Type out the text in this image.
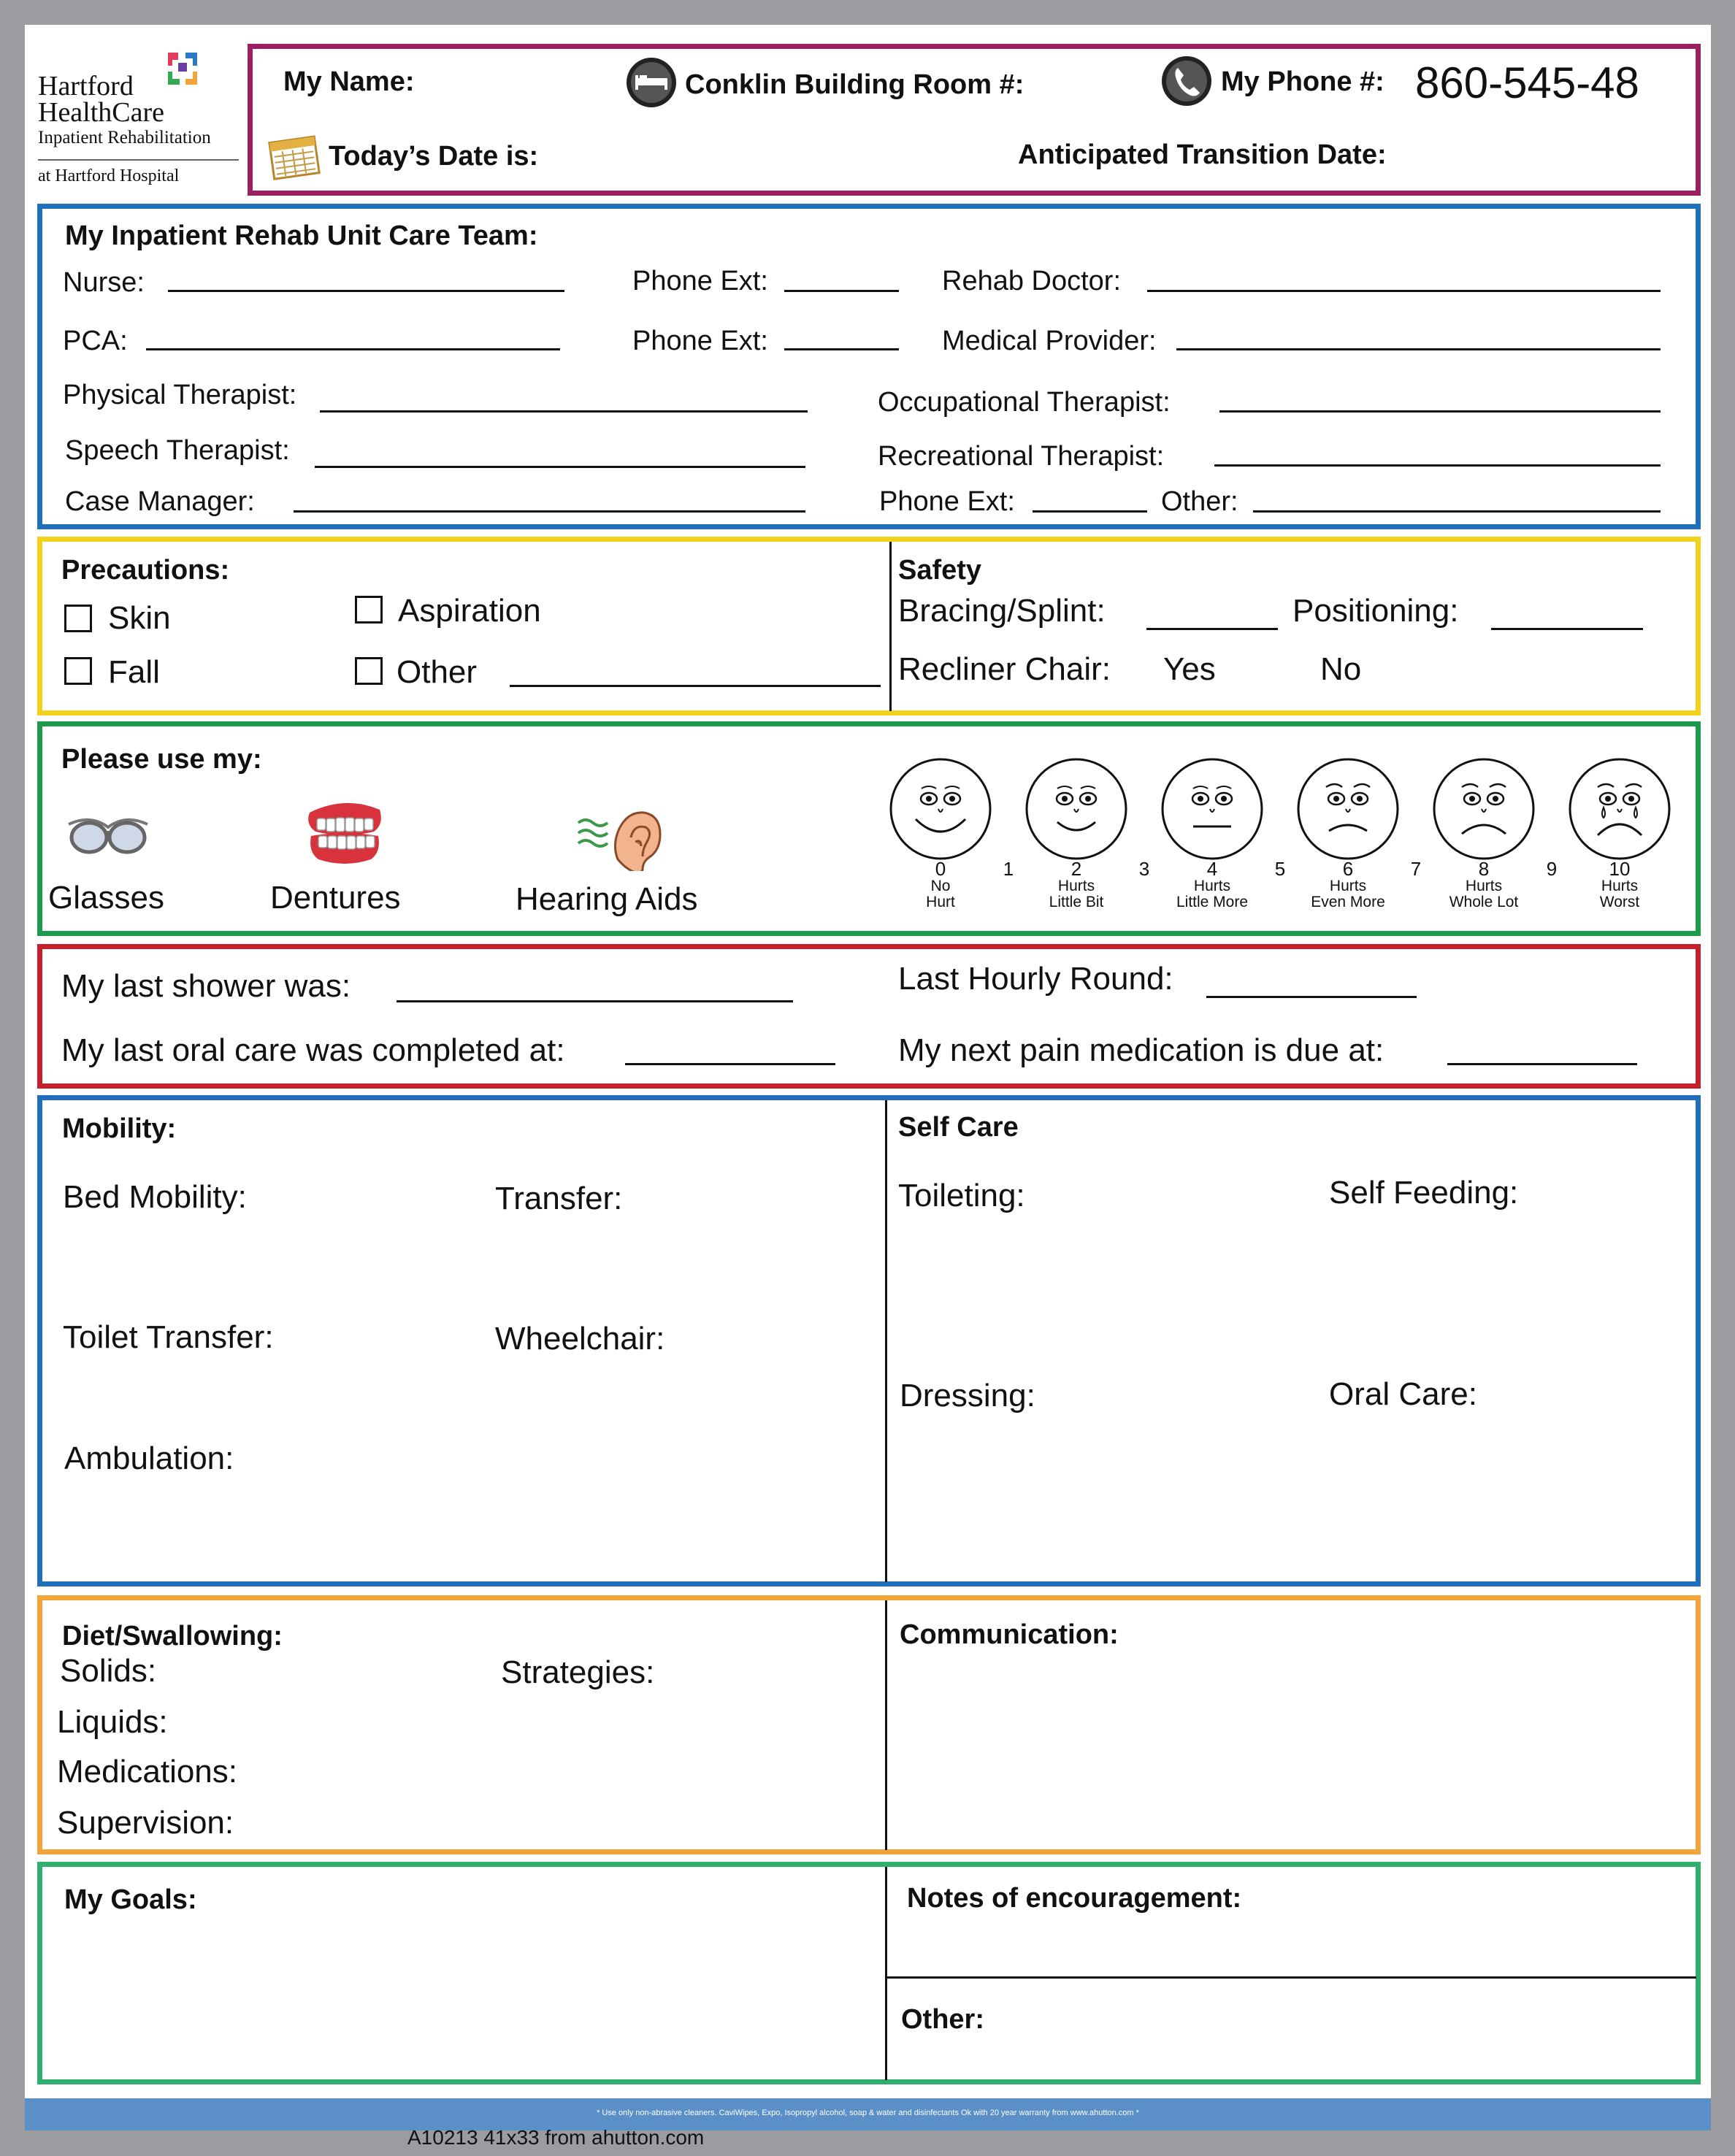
Hartford
HealthCare
Inpatient Rehabilitation
at Hartford Hospital
My Name:	Conklin Building Room #:	My Phone #: 860-545-48
Today’s Date is:	Anticipated Transition Date:
My Inpatient Rehab Unit Care Team:
Nurse:	Phone Ext:	Rehab Doctor:
PCA:	Phone Ext:	Medical Provider:
Physical Therapist:	Occupational Therapist:
Speech Therapist:	Recreational Therapist:
Case Manager:	Phone Ext:	Other:
Precautions:
Skin	Aspiration
Fall	Other
Safety
Bracing/Splint:	Positioning:
Recliner Chair: Yes	No
Please use my:
Glasses	Dentures	Hearing Aids
0
No
Hurt
2
Hurts
Little Bit
4
Hurts
Little More
6
Hurts
Even More
8
Hurts
Whole Lot
10
Hurts
Worst
1	3	5	7	9
My last shower was:	Last Hourly Round:
My last oral care was completed at:	My next pain medication is due at:
Mobility:
Bed Mobility:	Transfer:
Toilet Transfer:	Wheelchair:
Ambulation:
Self Care
Toileting:	Self Feeding:
Dressing:	Oral Care:
Diet/Swallowing:
Solids:	Strategies:
Liquids:
Medications:
Supervision:
Communication:
My Goals:	Notes of encouragement:
Other:
* Use only non-abrasive cleaners. CaviWipes, Expo, Isopropyl alcohol, soap & water and disinfectants Ok with 20 year warranty from www.ahutton.com *
A10213 41x33 from ahutton.com
